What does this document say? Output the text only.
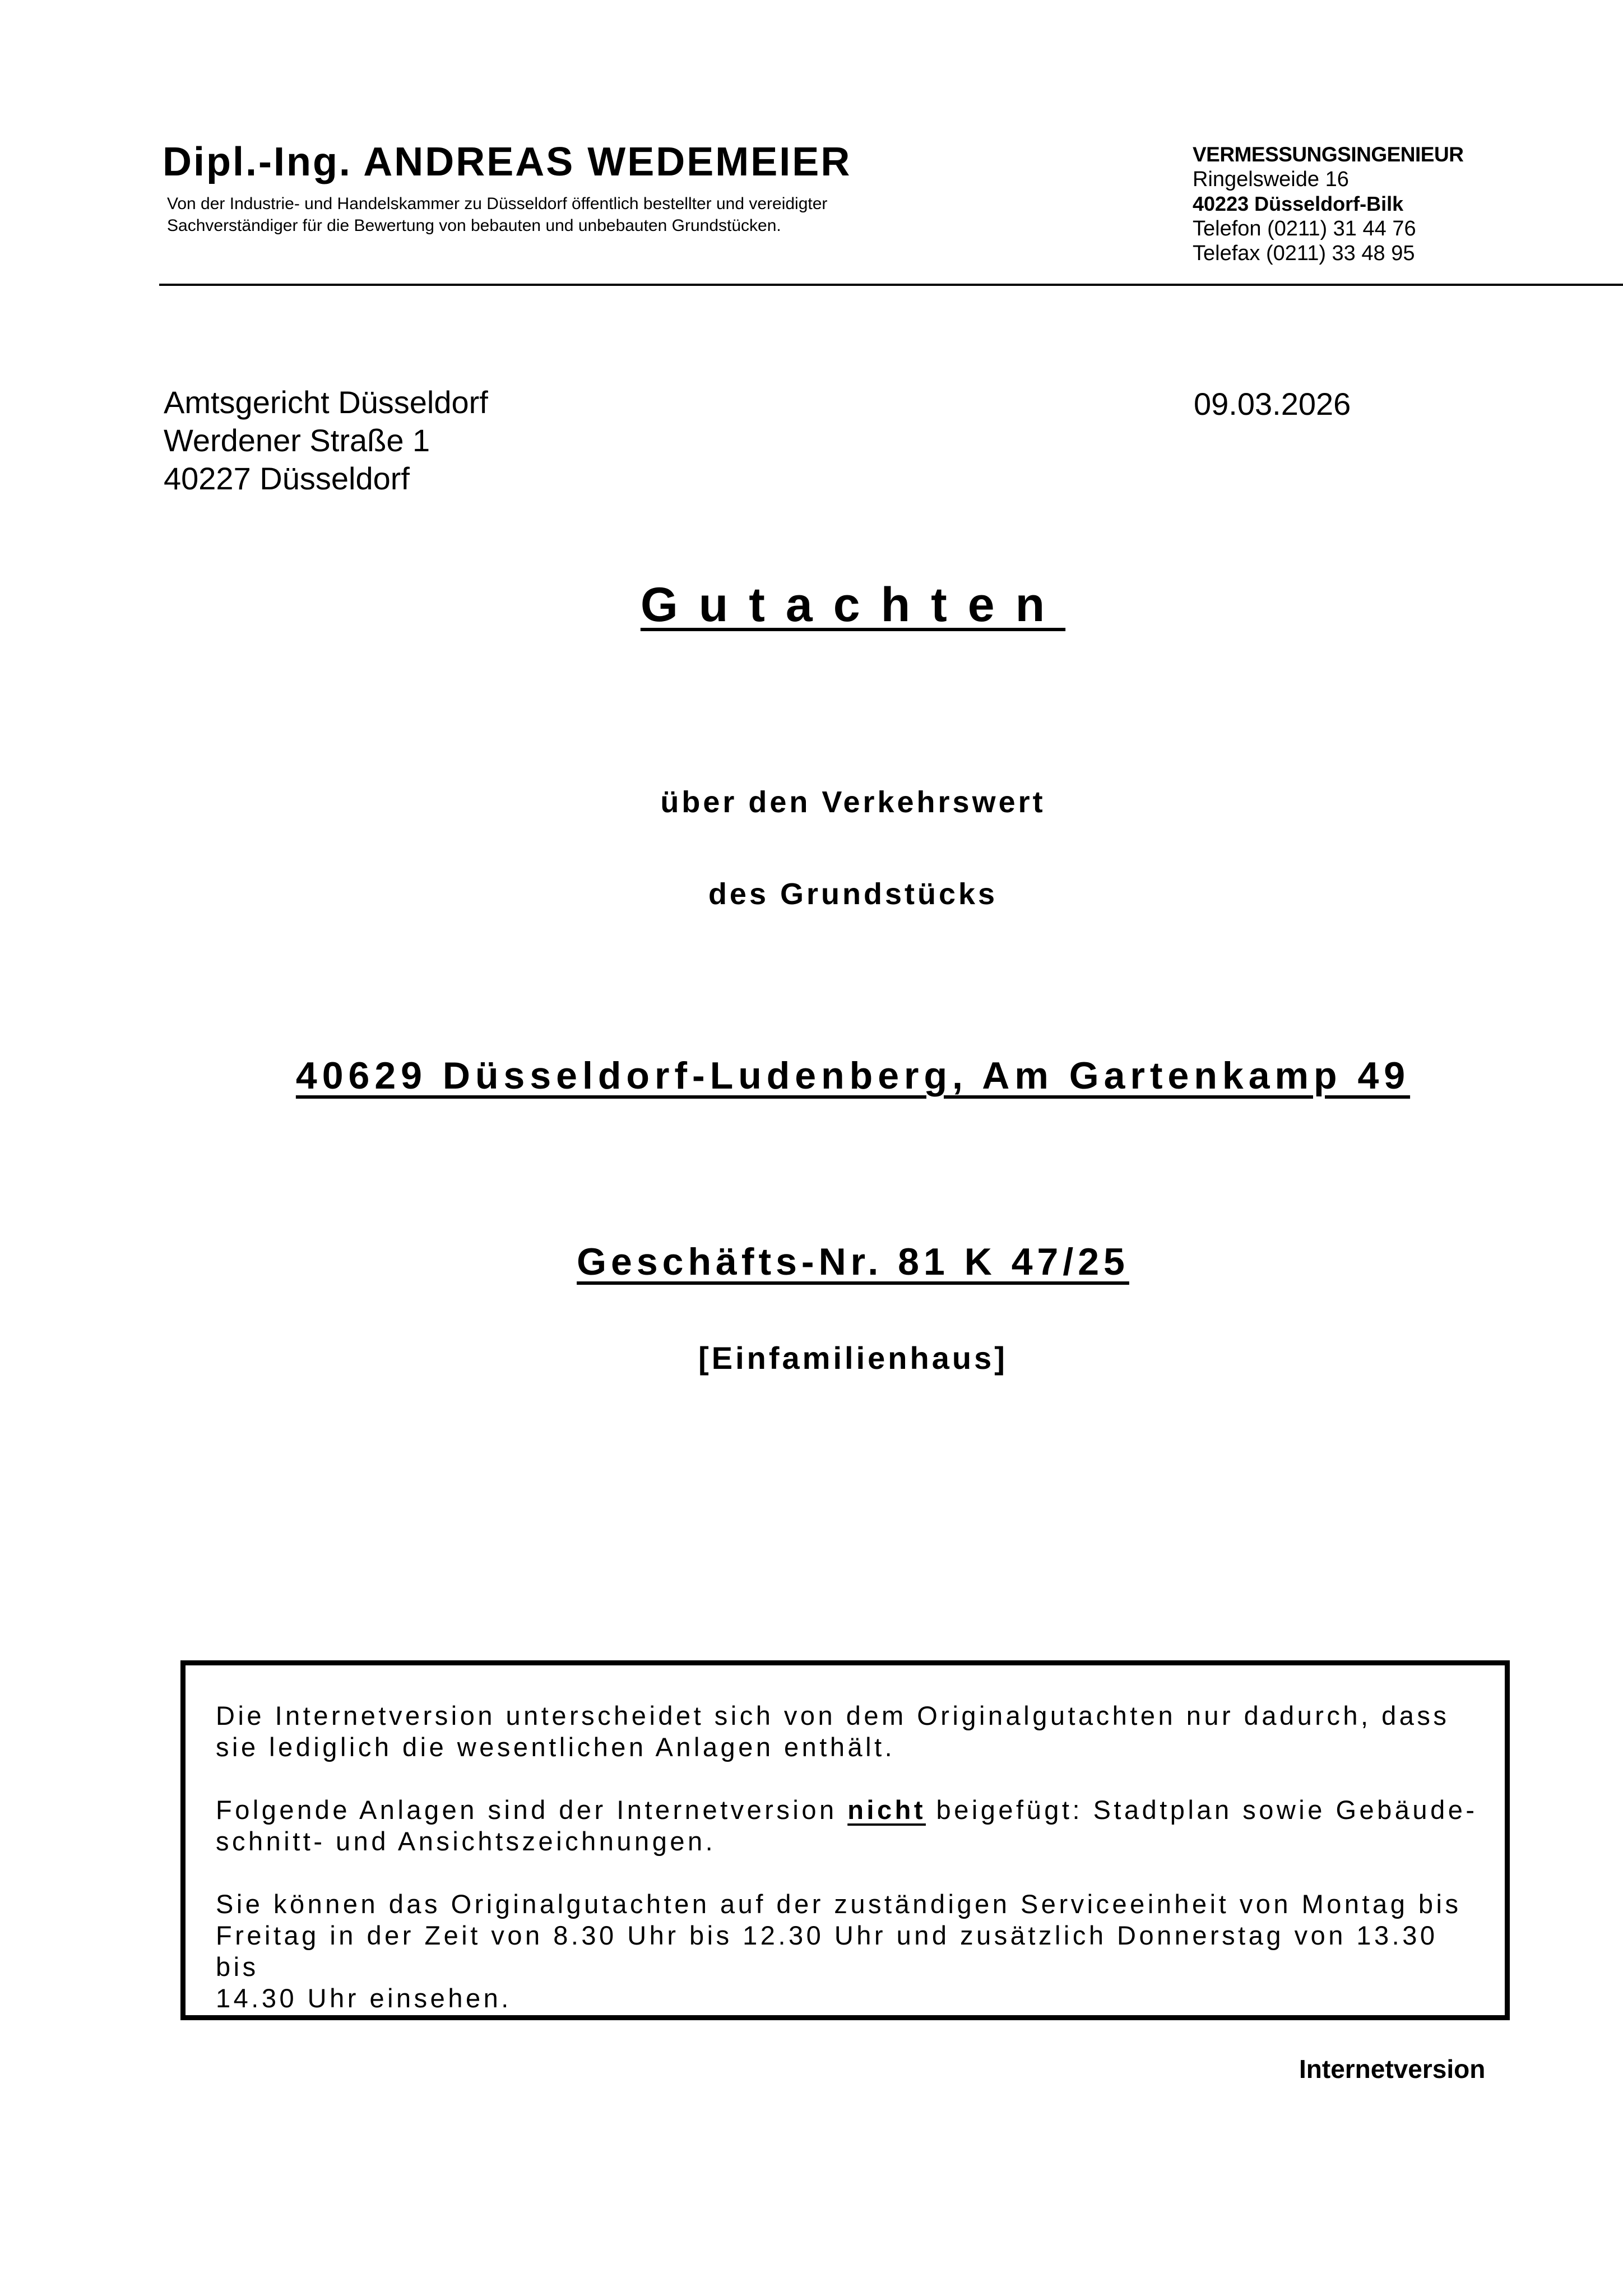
Dipl.-Ing. ANDREAS WEDEMEIER
Von der Industrie- und Handelskammer zu Düsseldorf öffentlich bestellter und vereidigter
Sachverständiger für die Bewertung von bebauten und unbebauten Grundstücken.
VERMESSUNGSINGENIEUR
Ringelsweide 16
40223 Düsseldorf-Bilk
Telefon (0211) 31 44 76
Telefax (0211) 33 48 95
Amtsgericht Düsseldorf
Werdener Straße 1
40227 Düsseldorf
09.03.2026
Gutachten
über den Verkehrswert
des Grundstücks
40629 Düsseldorf-Ludenberg, Am Gartenkamp 49
Geschäfts-Nr. 81 K 47/25
[Einfamilienhaus]

Die Internetversion unterscheidet sich von dem Originalgutachten nur dadurch, dass
sie lediglich die wesentlichen Anlagen enthält.

Folgende Anlagen sind der Internetversion nicht beigefügt: Stadtplan sowie Gebäude-
schnitt- und Ansichtszeichnungen.

Sie können das Originalgutachten auf der zuständigen Serviceeinheit von Montag bis
Freitag in der Zeit von 8.30 Uhr bis 12.30 Uhr und zusätzlich Donnerstag von 13.30 bis
14.30 Uhr einsehen.

Internetversion
